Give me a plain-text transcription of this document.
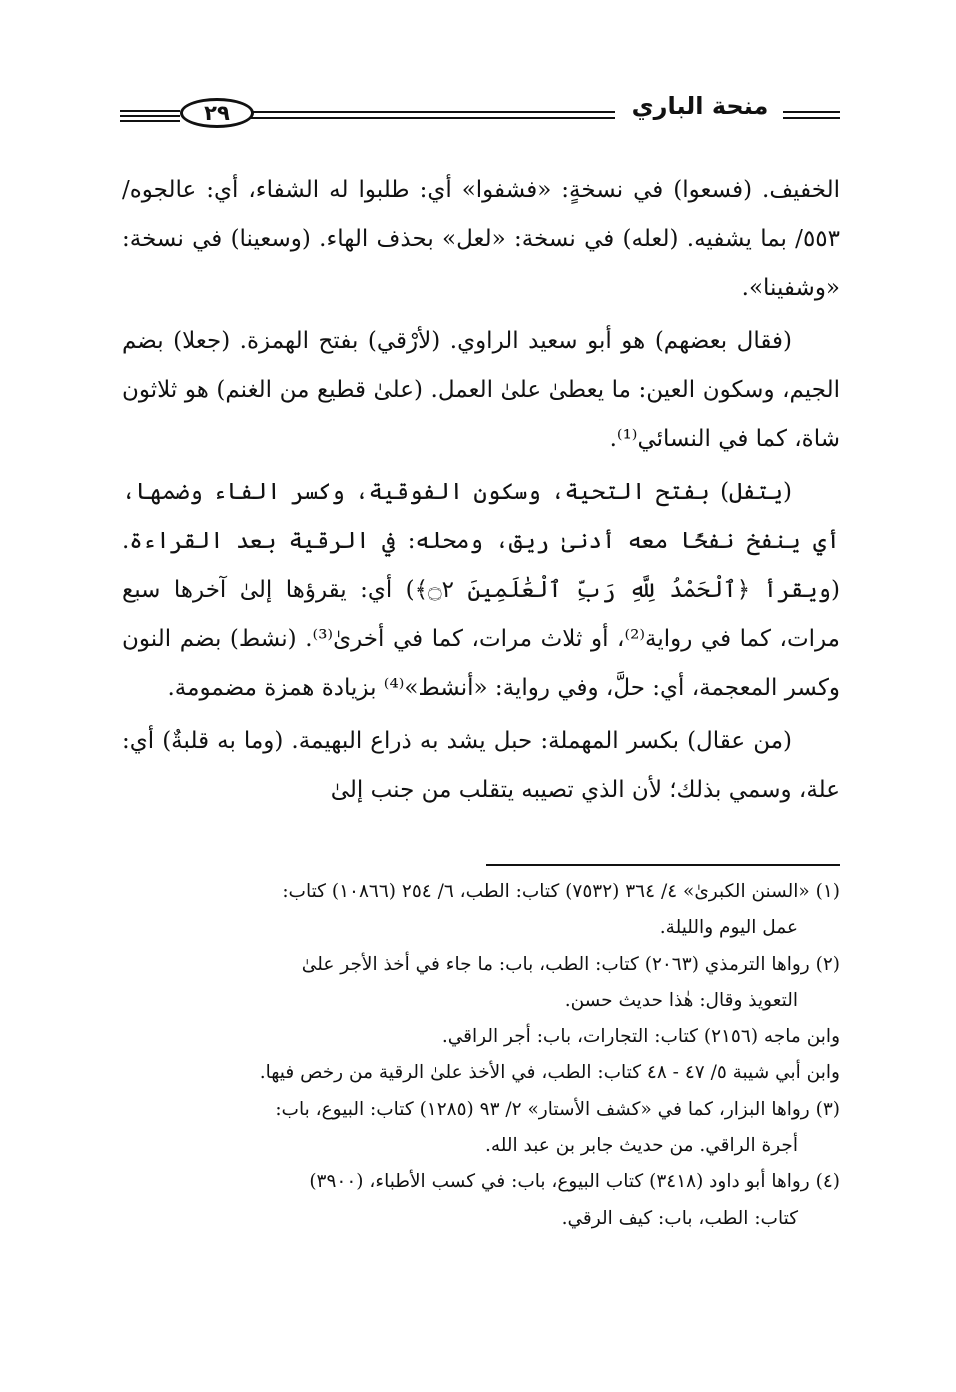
٢٩	منحة الباري

الخفيف. (فسعوا) في نسخةٍ: «فشفوا» أي: طلبوا له الشفاء، أي: عالجوه/ ٥٥٣/ بما يشفيه. (لعله) في نسخة: «لعل» بحذف الهاء. (وسعينا) في نسخة: «وشفينا».

(فقال بعضهم) هو أبو سعيد الراوي. (لأرْقي) بفتح الهمزة. (جعلا) بضم الجيم، وسكون العين: ما يعطىٰ علىٰ العمل. (علىٰ قطيع من الغنم) هو ثلاثون شاة، كما في النسائي⁽¹⁾.

(يتفل) بفتح التحية، وسكون الفوقية، وكسر الفاء وضمها، أي ينفخ نفخًا معه أدنىٰ ريق، ومحله: في الرقية بعد القراءة. (ويقرأ ﴿ٱلْحَمْدُ لِلَّهِ رَبِّ ٱلْعَٰلَمِينَ ۝٢﴾) أي: يقرؤها إلىٰ آخرها سبع مرات، كما في رواية⁽²⁾، أو ثلاث مرات، كما في أخرىٰ⁽³⁾. (نشط) بضم النون وكسر المعجمة، أي: حلَّ، وفي رواية: «أنشط»⁽⁴⁾ بزيادة همزة مضمومة.

(من عقال) بكسر المهملة: حبل يشد به ذراع البهيمة. (وما به قلبةٌ) أي: علة، وسمي بذلك؛ لأن الذي تصيبه يتقلب من جنب إلىٰ

(١) «السنن الكبرىٰ» ٤/ ٣٦٤ (٧٥٣٢) كتاب: الطب، ٦/ ٢٥٤ (١٠٨٦٦) كتاب:

عمل اليوم والليلة.

(٢) رواها الترمذي (٢٠٦٣) كتاب: الطب، باب: ما جاء في أخذ الأجر علىٰ

التعويذ وقال: هٰذا حديث حسن.

وابن ماجه (٢١٥٦) كتاب: التجارات، باب: أجر الراقي.

وابن أبي شيبة ٥/ ٤٧ - ٤٨ كتاب: الطب، في الأخذ علىٰ الرقية من رخص فيها.

(٣) رواها البزار، كما في «كشف الأستار» ٢/ ٩٣ (١٢٨٥) كتاب: البيوع، باب:

أجرة الراقي. من حديث جابر بن عبد الله.

(٤) رواها أبو داود (٣٤١٨) كتاب البيوع، باب: في كسب الأطباء، (٣٩٠٠)

كتاب: الطب، باب: كيف الرقي.
